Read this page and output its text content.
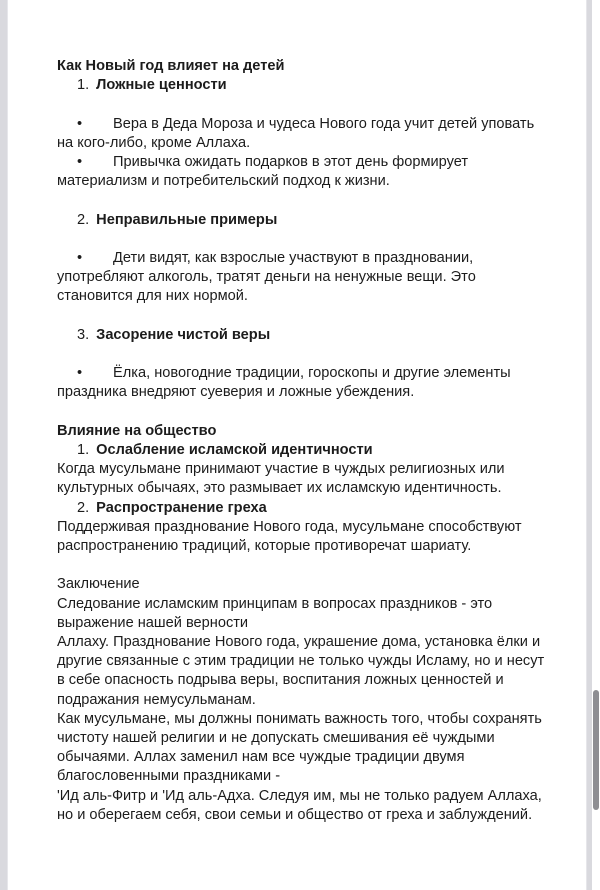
Как Новый год влияет на детей
1. Ложные ценности

• Вера в Деда Мороза и чудеса Нового года учит детей уповать на кого-либо, кроме Аллаха.

• Привычка ожидать подарков в этот день формирует материализм и потребительский подход к жизни.

2. Неправильные примеры

• Дети видят, как взрослые участвуют в праздновании, употребляют алкоголь, тратят деньги на ненужные вещи. Это становится для них нормой.

3. Засорение чистой веры

• Ёлка, новогодние традиции, гороскопы и другие элементы праздника внедряют суеверия и ложные убеждения.

Влияние на общество
1. Ослабление исламской идентичности

Когда мусульмане принимают участие в чуждых религиозных или культурных обычаях, это размывает их исламскую идентичность.

2. Распространение греха

Поддерживая празднование Нового года, мусульмане способствуют распространению традиций, которые противоречат шариату.

Заключение

Следование исламским принципам в вопросах праздников - это выражение нашей верности

Аллаху. Празднование Нового года, украшение дома, установка ёлки и другие связанные с этим традиции не только чужды Исламу, но и несут в себе опасность подрыва веры, воспитания ложных ценностей и подражания немусульманам.

Как мусульмане, мы должны понимать важность того, чтобы сохранять чистоту нашей религии и не допускать смешивания её чуждыми обычаями. Аллах заменил нам все чуждые традиции двумя благословенными праздниками -

'Ид аль-Фитр и 'Ид аль-Адха. Следуя им, мы не только радуем Аллаха, но и оберегаем себя, свои семьи и общество от греха и заблуждений.
